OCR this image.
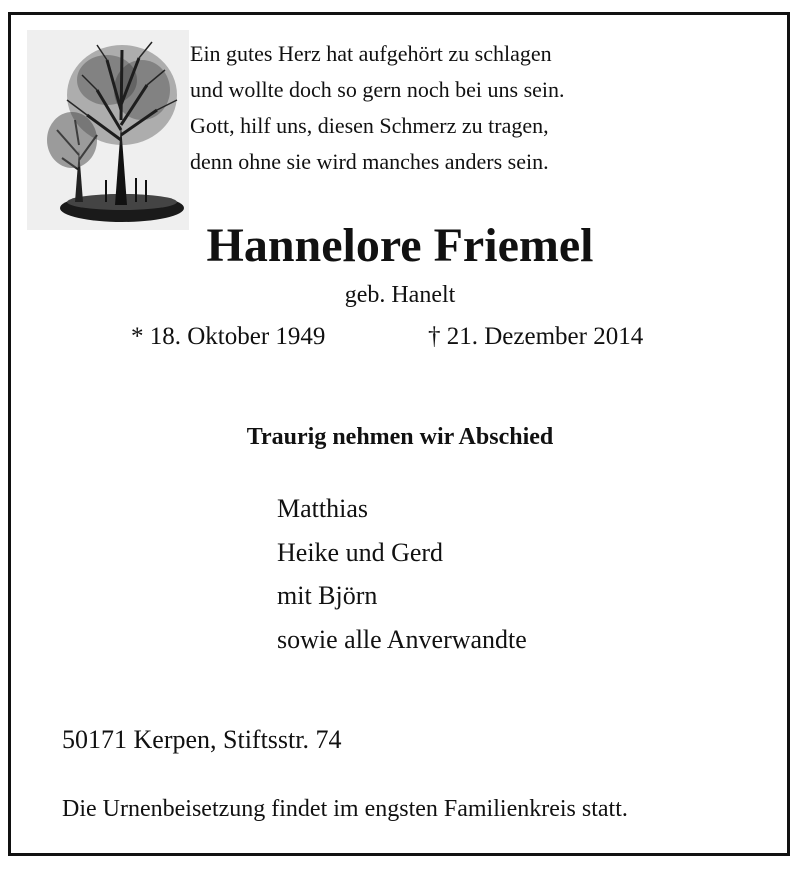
Ein gutes Herz hat aufgehört zu schlagen
und wollte doch so gern noch bei uns sein.
Gott, hilf uns, diesen Schmerz zu tragen,
denn ohne sie wird manches anders sein.
Hannelore Friemel
geb. Hanelt
* 18. Oktober 1949	† 21. Dezember 2014
Traurig nehmen wir Abschied
Matthias
Heike und Gerd
mit Björn
sowie alle Anverwandte
50171 Kerpen, Stiftsstr. 74
Die Urnenbeisetzung findet im engsten Familienkreis statt.
